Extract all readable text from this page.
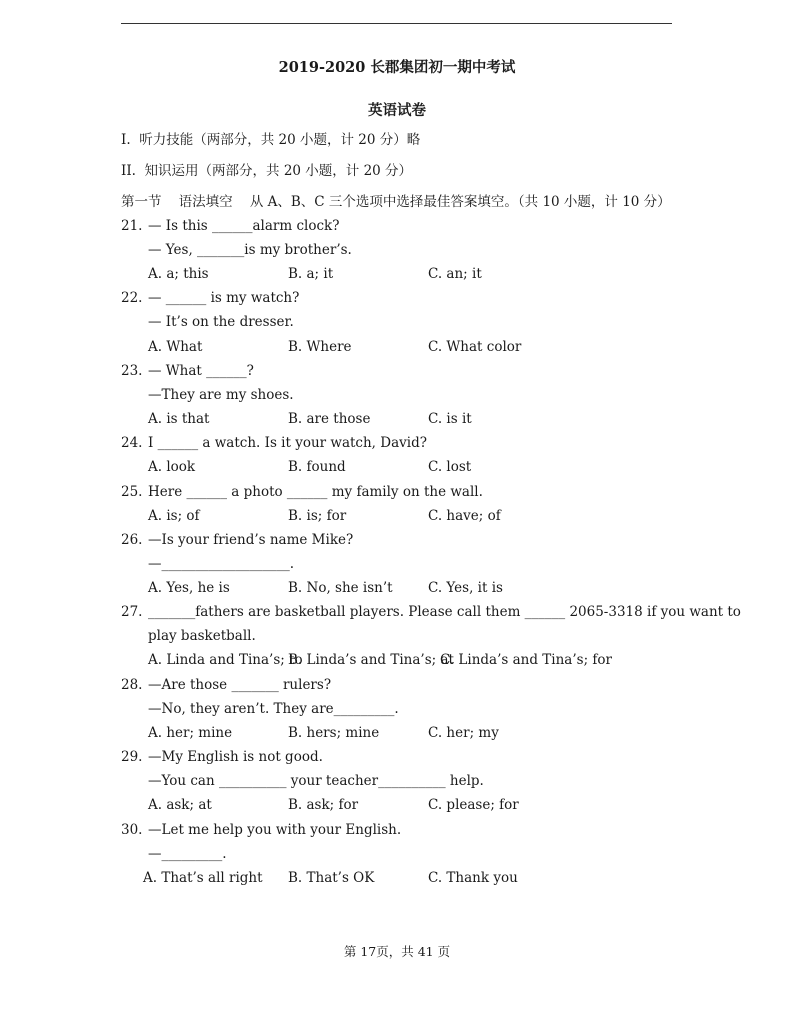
2019-2020 长郡集团初一期中考试
英语试卷
I.  听力技能（两部分，共 20 小题，计 20 分）略
II.  知识运用（两部分，共 20 小题，计 20 分）
第一节    语法填空    从 A、B、C 三个选项中选择最佳答案填空。（共 10 小题，计 10 分）
21. — Is this ______alarm clock?
— Yes, _______is my brother’s.
A. a; this	B. a; it	C. an; it
22. — ______ is my watch?
— It’s on the dresser.
A. What	B. Where	C. What color
23. — What ______?
—They are my shoes.
A. is that	B. are those	C. is it
24. I ______ a watch. Is it your watch, David?
A. look	B. found	C. lost
25. Here ______ a photo ______ my family on the wall.
A. is; of	B. is; for	C. have; of
26. —Is your friend’s name Mike?
—___________________.
A. Yes, he is	B. No, she isn’t	C. Yes, it is
27. _______fathers are basketball players. Please call them ______ 2065-3318 if you want to
play basketball.
A. Linda and Tina’s; to
B. Linda’s and Tina’s; at
C. Linda’s and Tina’s; for
28. —Are those _______ rulers?
—No, they aren’t. They are_________.
A. her; mine	B. hers; mine	C. her; my
29. —My English is not good.
—You can __________ your teacher__________ help.
A. ask; at	B. ask; for	C. please; for
30. —Let me help you with your English.
—_________.
A. That’s all right B. That’s OK	C. Thank you
第 17页，共 41 页
